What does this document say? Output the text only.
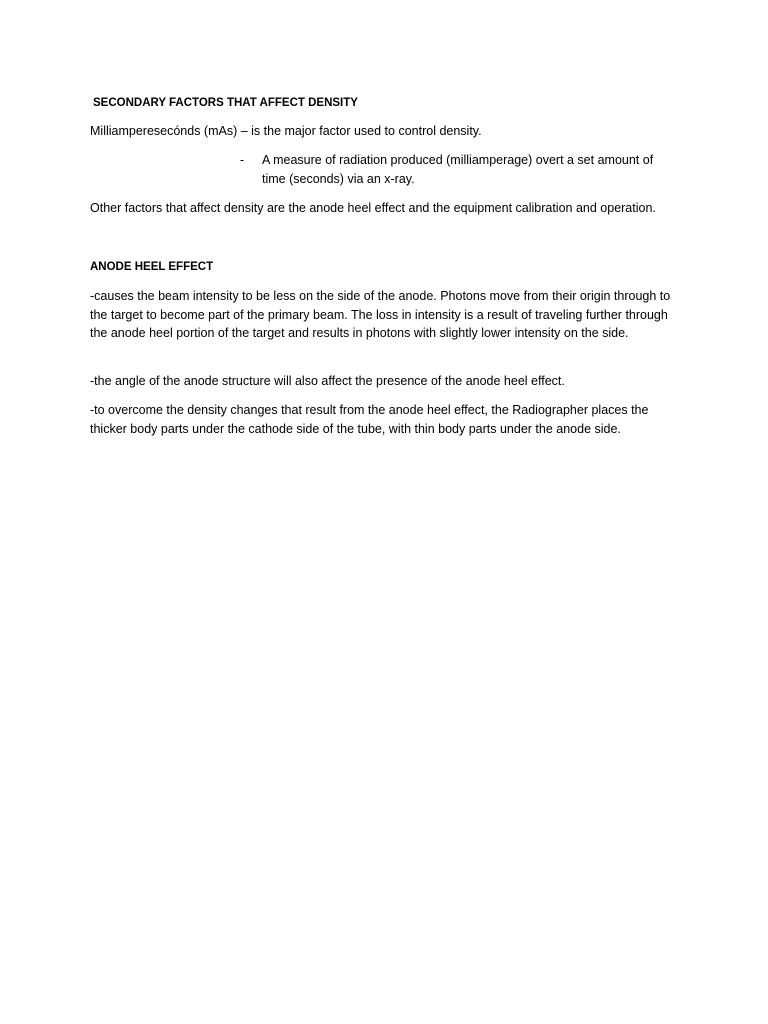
SECONDARY FACTORS THAT AFFECT DENSITY

Milliamperesecónds (mAs) – is the major factor used to control density.

- A measure of radiation produced (milliamperage) overt a set amount of time (seconds) via an x-ray.

Other factors that affect density are the anode heel effect and the equipment calibration and operation.

ANODE HEEL EFFECT

-causes the beam intensity to be less on the side of the anode. Photons move from their origin through to the target to become part of the primary beam. The loss in intensity is a result of traveling further through the anode heel portion of the target and results in photons with slightly lower intensity on the side.

-the angle of the anode structure will also affect the presence of the anode heel effect.

-to overcome the density changes that result from the anode heel effect, the Radiographer places the thicker body parts under the cathode side of the tube, with thin body parts under the anode side.
